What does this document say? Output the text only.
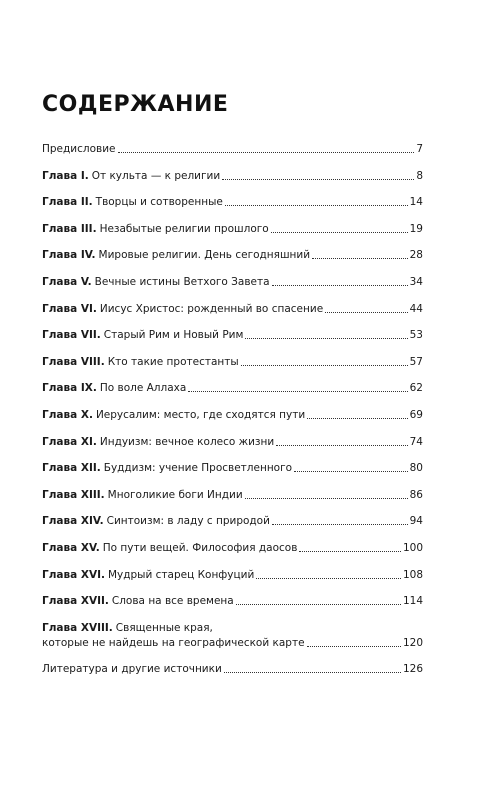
СОДЕРЖАНИЕ
Предисловие	7
Глава I. От культа — к религии	8
Глава II. Творцы и сотворенные	14
Глава III. Незабытые религии прошлого	19
Глава IV. Мировые религии. День сегодняшний	28
Глава V. Вечные истины Ветхого Завета	34
Глава VI. Иисус Христос: рожденный во спасение	44
Глава VII. Старый Рим и Новый Рим	53
Глава VIII. Кто такие протестанты	57
Глава IX. По воле Аллаха	62
Глава X. Иерусалим: место, где сходятся пути	69
Глава XI. Индуизм: вечное колесо жизни	74
Глава XII. Буддизм: учение Просветленного	80
Глава XIII. Многоликие боги Индии	86
Глава XIV. Синтоизм: в ладу с природой	94
Глава XV. По пути вещей. Философия даосов	100
Глава XVI. Мудрый старец Конфуций	108
Глава XVII. Слова на все времена	114
Глава XVIII. Священные края,
которые не найдешь на географической карте	120
Литература и другие источники	126
